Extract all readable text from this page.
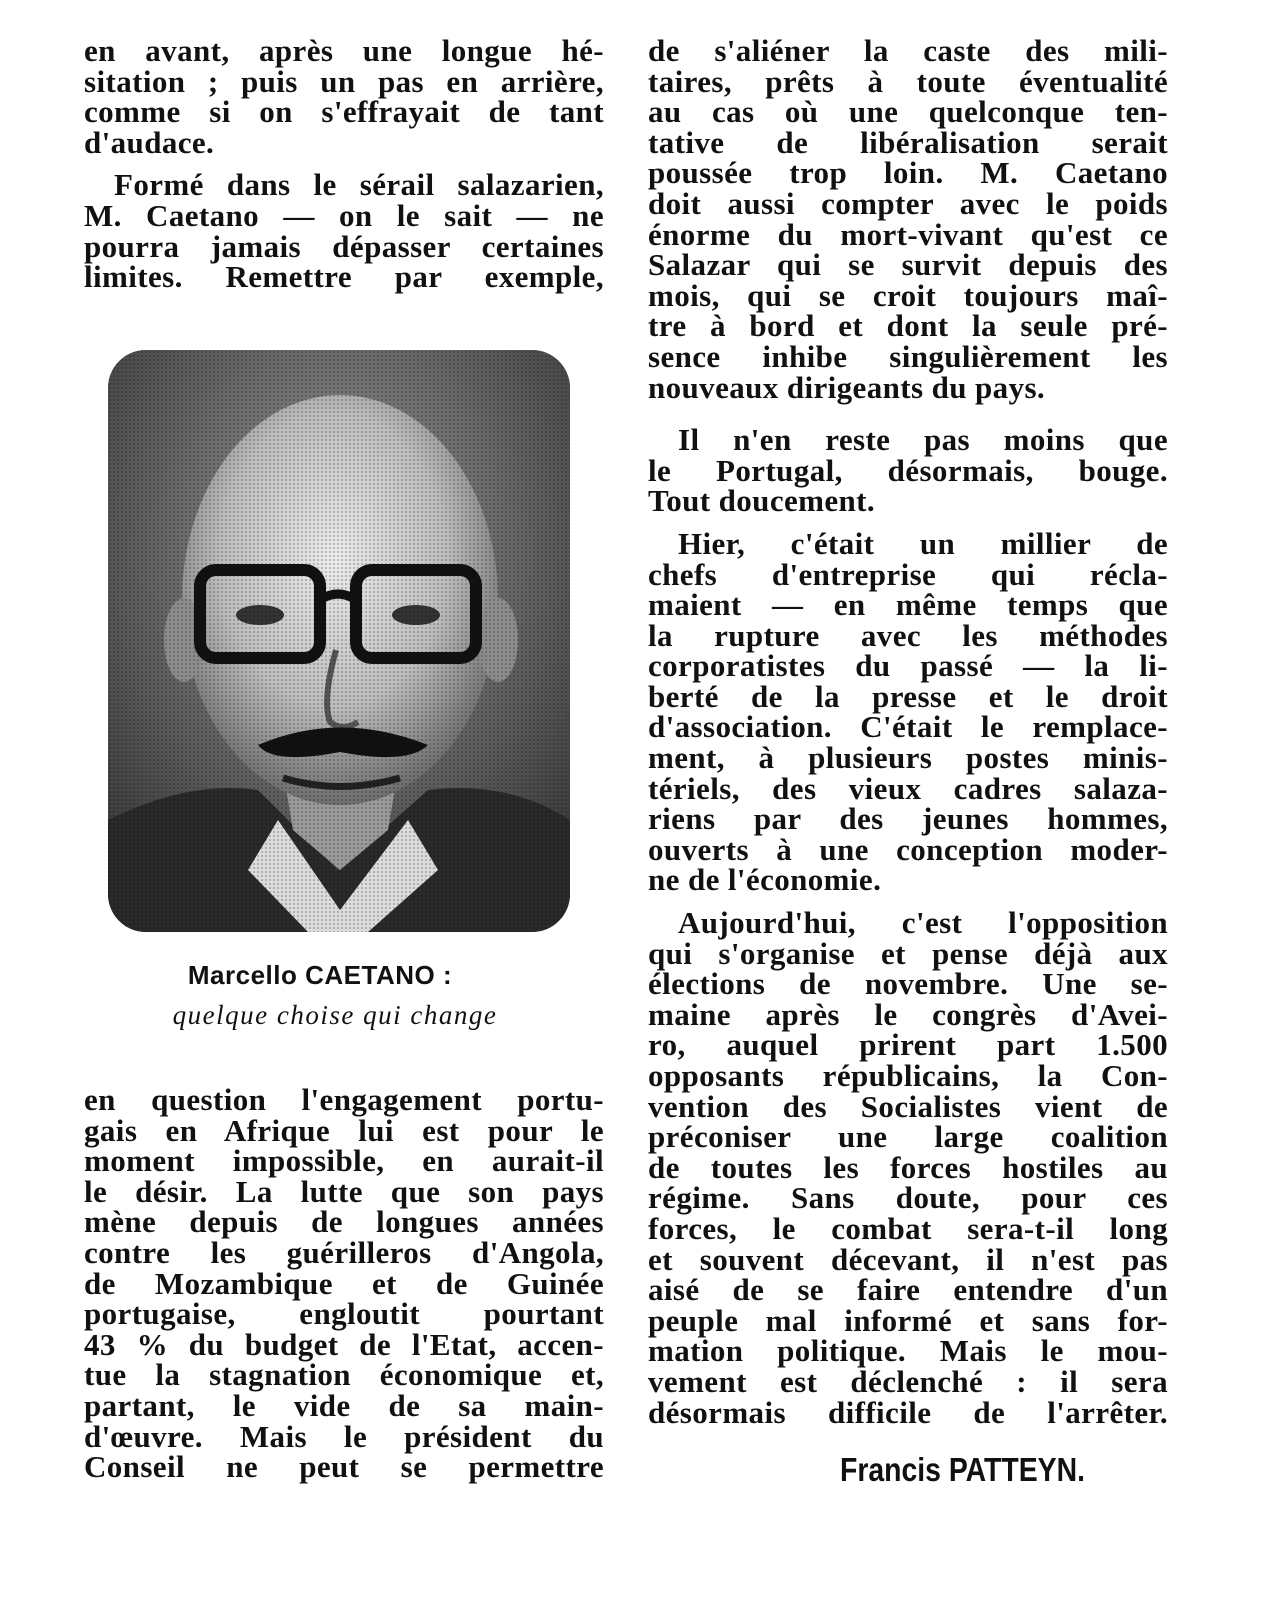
en avant, après une longue hé-
sitation ; puis un pas en arrière,
comme si on s'effrayait de tant
d'audace.
Formé dans le sérail salazarien,
M. Caetano — on le sait — ne
pourra jamais dépasser certaines
limites. Remettre par exemple,
Marcello CAETANO :
quelque choise qui change
en question l'engagement portu-
gais en Afrique lui est pour le
moment impossible, en aurait-il
le désir. La lutte que son pays
mène depuis de longues années
contre les guérilleros d'Angola,
de Mozambique et de Guinée
portugaise, engloutit pourtant
43 % du budget de l'Etat, accen-
tue la stagnation économique et,
partant, le vide de sa main-
d'œuvre. Mais le président du
Conseil ne peut se permettre
de s'aliéner la caste des mili-
taires, prêts à toute éventualité
au cas où une quelconque ten-
tative de libéralisation serait
poussée trop loin. M. Caetano
doit aussi compter avec le poids
énorme du mort-vivant qu'est ce
Salazar qui se survit depuis des
mois, qui se croit toujours maî-
tre à bord et dont la seule pré-
sence inhibe singulièrement les
nouveaux dirigeants du pays.
Il n'en reste pas moins que
le Portugal, désormais, bouge.
Tout doucement.
Hier, c'était un millier de
chefs d'entreprise qui récla-
maient — en même temps que
la rupture avec les méthodes
corporatistes du passé — la li-
berté de la presse et le droit
d'association. C'était le remplace-
ment, à plusieurs postes minis-
tériels, des vieux cadres salaza-
riens par des jeunes hommes,
ouverts à une conception moder-
ne de l'économie.
Aujourd'hui, c'est l'opposition
qui s'organise et pense déjà aux
élections de novembre. Une se-
maine après le congrès d'Avei-
ro, auquel prirent part 1.500
opposants républicains, la Con-
vention des Socialistes vient de
préconiser une large coalition
de toutes les forces hostiles au
régime. Sans doute, pour ces
forces, le combat sera-t-il long
et souvent décevant, il n'est pas
aisé de se faire entendre d'un
peuple mal informé et sans for-
mation politique. Mais le mou-
vement est déclenché : il sera
désormais difficile de l'arrêter.
Francis PATTEYN.
